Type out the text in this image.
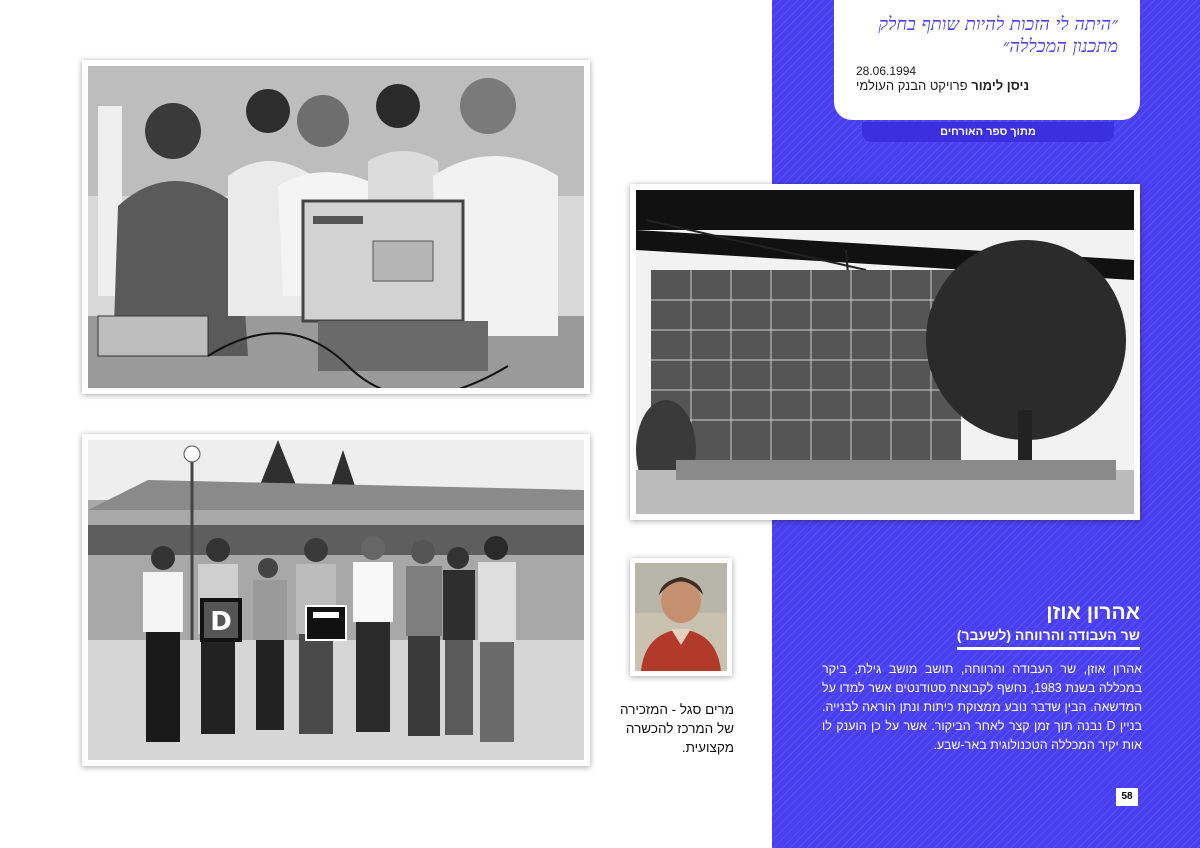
״היתה לי הזכות להיות שותף בחלק מתכנון המכללה״

28.06.1994
ניסן לימור פרויקט הבנק העולמי
מתוך ספר האורחים
D

מרים סגל - המזכירה של המרכז להכשרה מקצועית.

אהרון אוזן

שר העבודה והרווחה (לשעבר)

אהרון אוזן, שר העבודה והרווחה, תושב מושב גילת, ביקר במכללה בשנת 1983, נחשף לקבוצות סטודנטים אשר למדו על המדשאה. הבין שדבר נובע ממצוקת כיתות ונתן הוראה לבנייה. בניין D נבנה תוך זמן קצר לאחר הביקור. אשר על כן הוענק לו אות יקיר המכללה הטכנולוגית באר-שבע.
58
